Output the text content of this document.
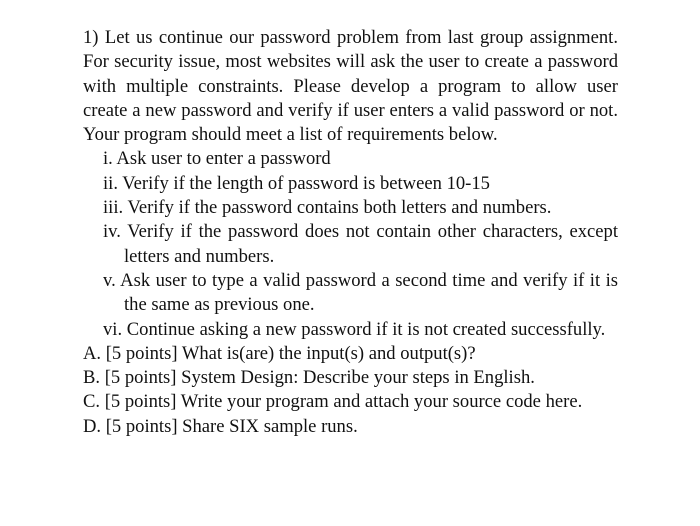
1) Let us continue our password problem from last group assignment. For security issue, most websites will ask the user to create a password with multiple constraints. Please develop a program to allow user create a new password and verify if user enters a valid password or not. Your program should meet a list of requirements below.

i. Ask user to enter a password
ii. Verify if the length of password is between 10-15
iii. Verify if the password contains both letters and numbers.
iv. Verify if the password does not contain other characters, except letters and numbers.
v. Ask user to type a valid password a second time and verify if it is the same as previous one.
vi. Continue asking a new password if it is not created successfully.
A. [5 points] What is(are) the input(s) and output(s)?
B. [5 points] System Design: Describe your steps in English.
C. [5 points] Write your program and attach your source code here.
D. [5 points] Share SIX sample runs.
